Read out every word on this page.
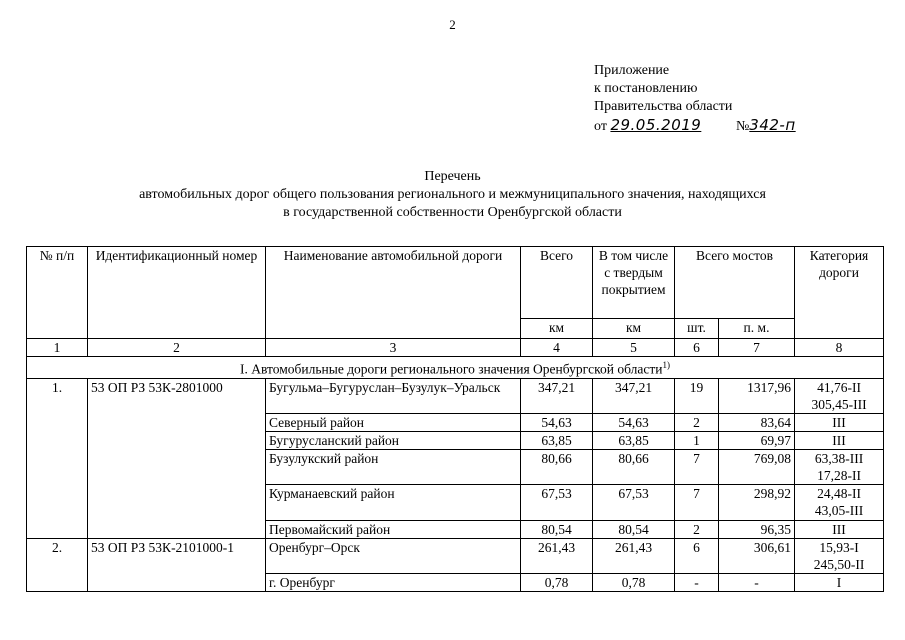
2
Приложение
к постановлению
Правительства области
от 29.05.2019 №342-п
Перечень
автомобильных дорог общего пользования регионального и межмуниципального значения, находящихся
в государственной собственности Оренбургской области
№ п/п	Идентификационный номер	Наименование автомобильной дороги	Всего	В том числе с твердым покрытием	Всего мостов		Категория дороги
			км	км	шт.	п. м.	
1	2	3	4	5	6	7	8
I. Автомобильные дороги регионального значения Оренбургской области$^{1)}$
1.	53 ОП РЗ 53К-2801000	Бугульма–Бугуруслан–Бузулук–Уральск	347,21	347,21	19	1317,96	41,76-II
305,45-III

		Северный район	54,63	54,63	2	83,64	III
		Бугурусланский район	63,85	63,85	1	69,97	III
		Бузулукский район	80,66	80,66	7	769,08	63,38-III
17,28-II

		Курманаевский район	67,53	67,53	7	298,92	24,48-II
43,05-III

		Первомайский район	80,54	80,54	2	96,35	III
2.	53 ОП РЗ 53К-2101000-1	Оренбург–Орск	261,43	261,43	6	306,61	15,93-I
245,50-II

		г. Оренбург	0,78	0,78	-	-	I
